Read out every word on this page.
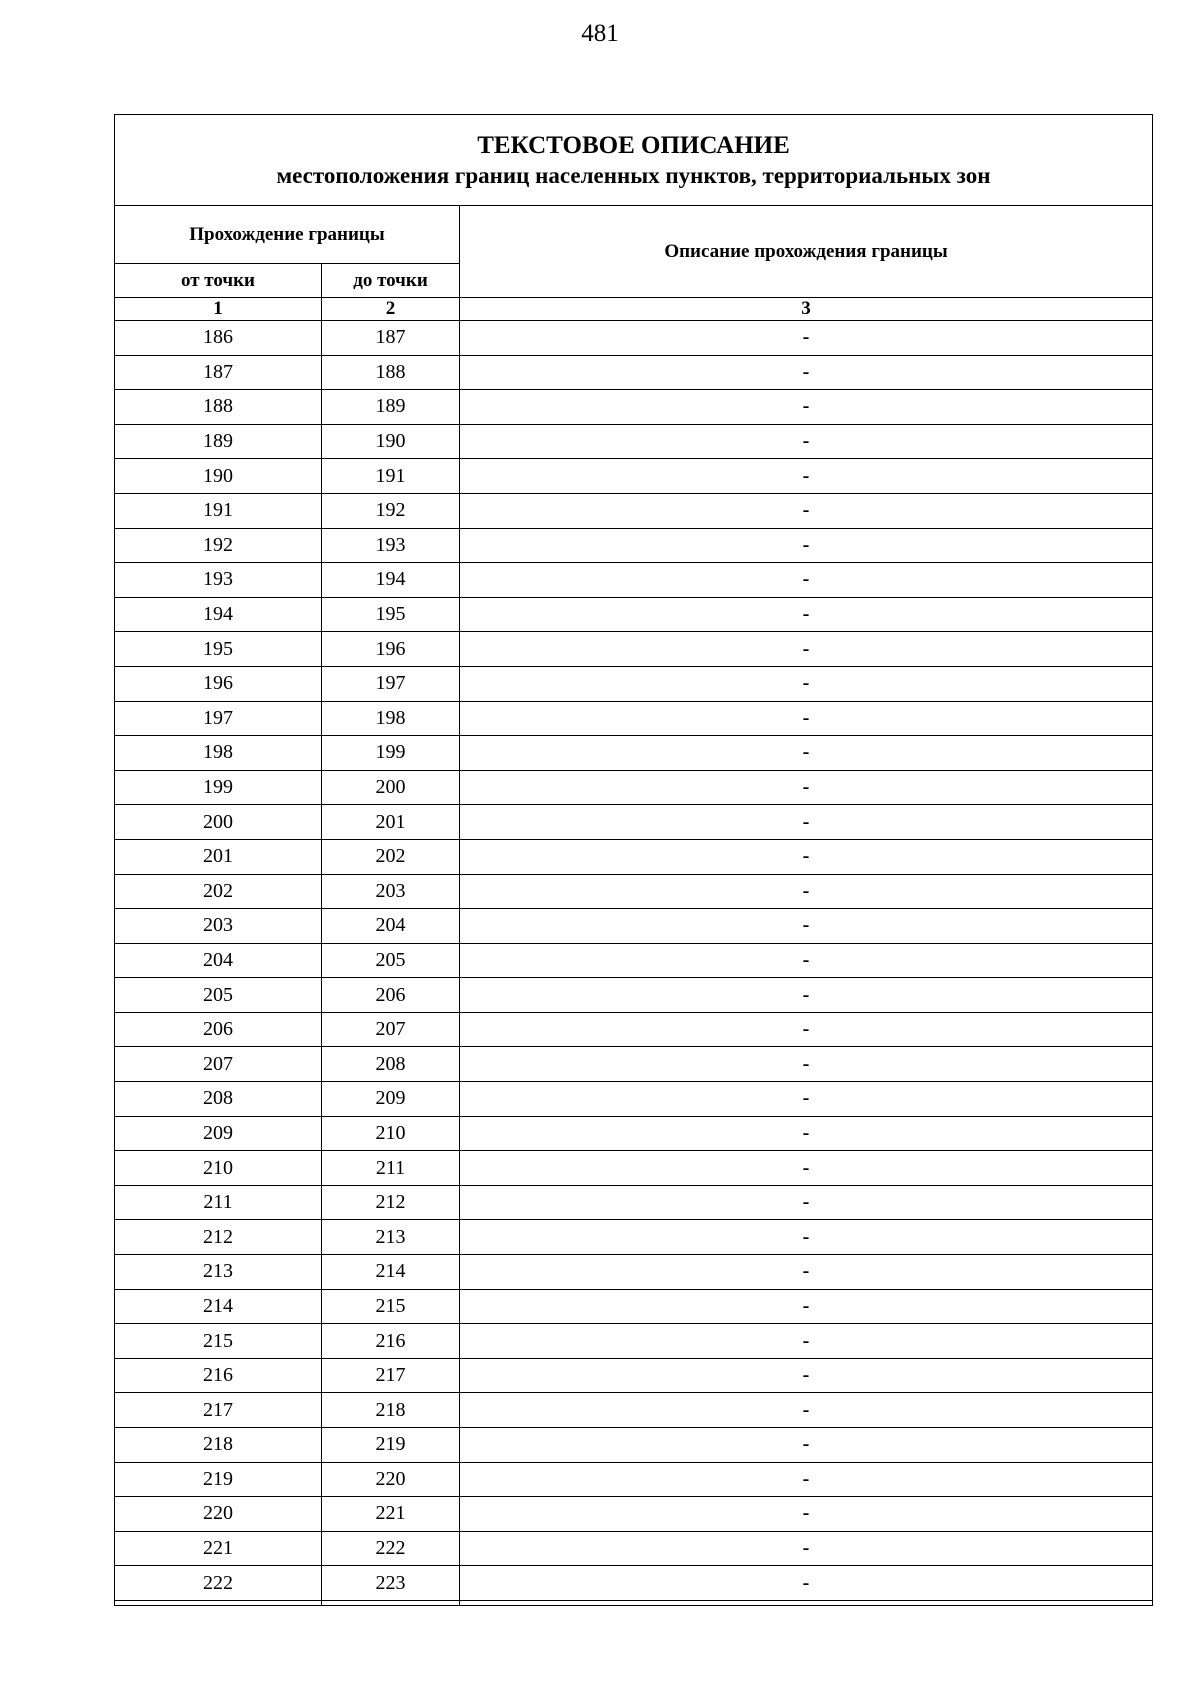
481
ТЕКСТОВОЕ ОПИСАНИЕ
местоположения границ населенных пунктов, территориальных зон		

Прохождение границы		Описание прохождения границы
от точки	до точки	
1	2	3
186	187	-
187	188	-
188	189	-
189	190	-
190	191	-
191	192	-
192	193	-
193	194	-
194	195	-
195	196	-
196	197	-
197	198	-
198	199	-
199	200	-
200	201	-
201	202	-
202	203	-
203	204	-
204	205	-
205	206	-
206	207	-
207	208	-
208	209	-
209	210	-
210	211	-
211	212	-
212	213	-
213	214	-
214	215	-
215	216	-
216	217	-
217	218	-
218	219	-
219	220	-
220	221	-
221	222	-
222	223	-
